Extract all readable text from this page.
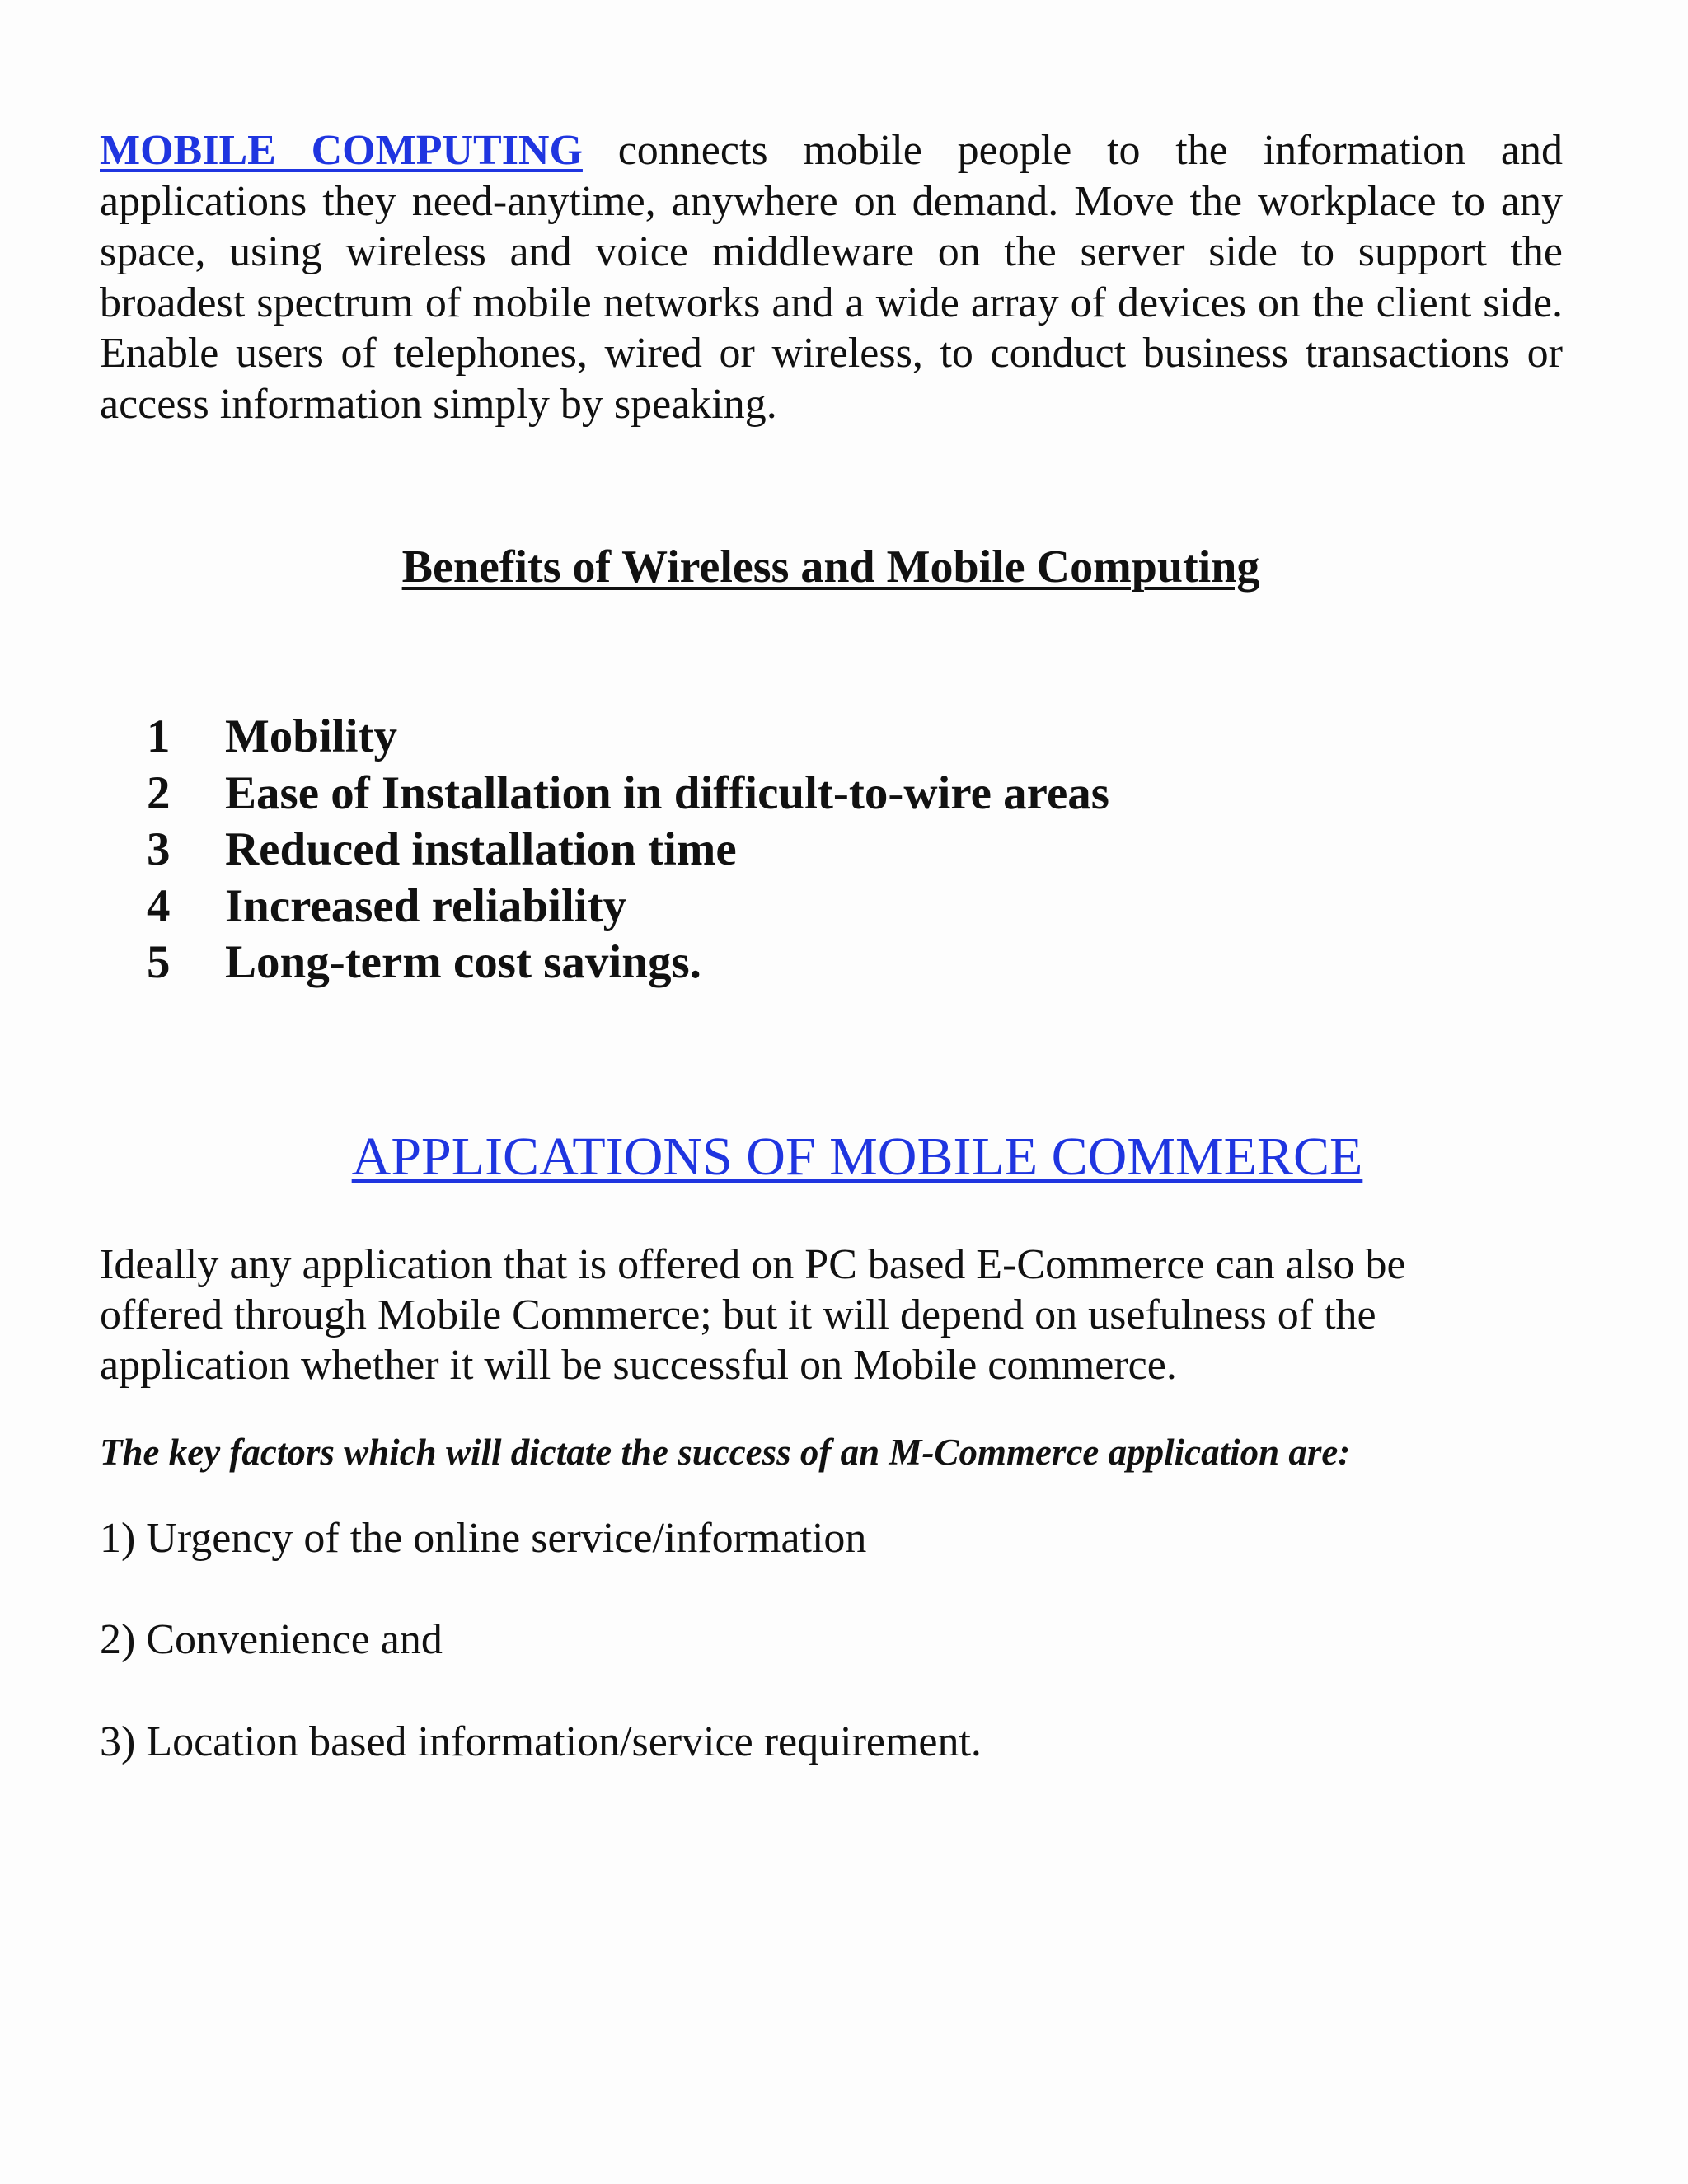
MOBILE COMPUTING connects mobile people to the information and applications they need-anytime, anywhere on demand. Move the workplace to any space, using wireless and voice middleware on the server side to support the broadest spectrum of mobile networks and a wide array of devices on the client side. Enable users of telephones, wired or wireless, to conduct business transactions or access information simply by speaking.

Benefits of Wireless and Mobile Computing
1	Mobility
2	Ease of Installation in difficult-to-wire areas
3	Reduced installation time
4	Increased reliability
5	Long-term cost savings.
APPLICATIONS OF MOBILE COMMERCE

Ideally any application that is offered on PC based E-Commerce can also be offered through Mobile Commerce; but it will depend on usefulness of the application whether it will be successful on Mobile commerce.

The key factors which will dictate the success of an M-Commerce application are:
1) Urgency of the online service/information
2) Convenience and
3) Location based information/service requirement.
